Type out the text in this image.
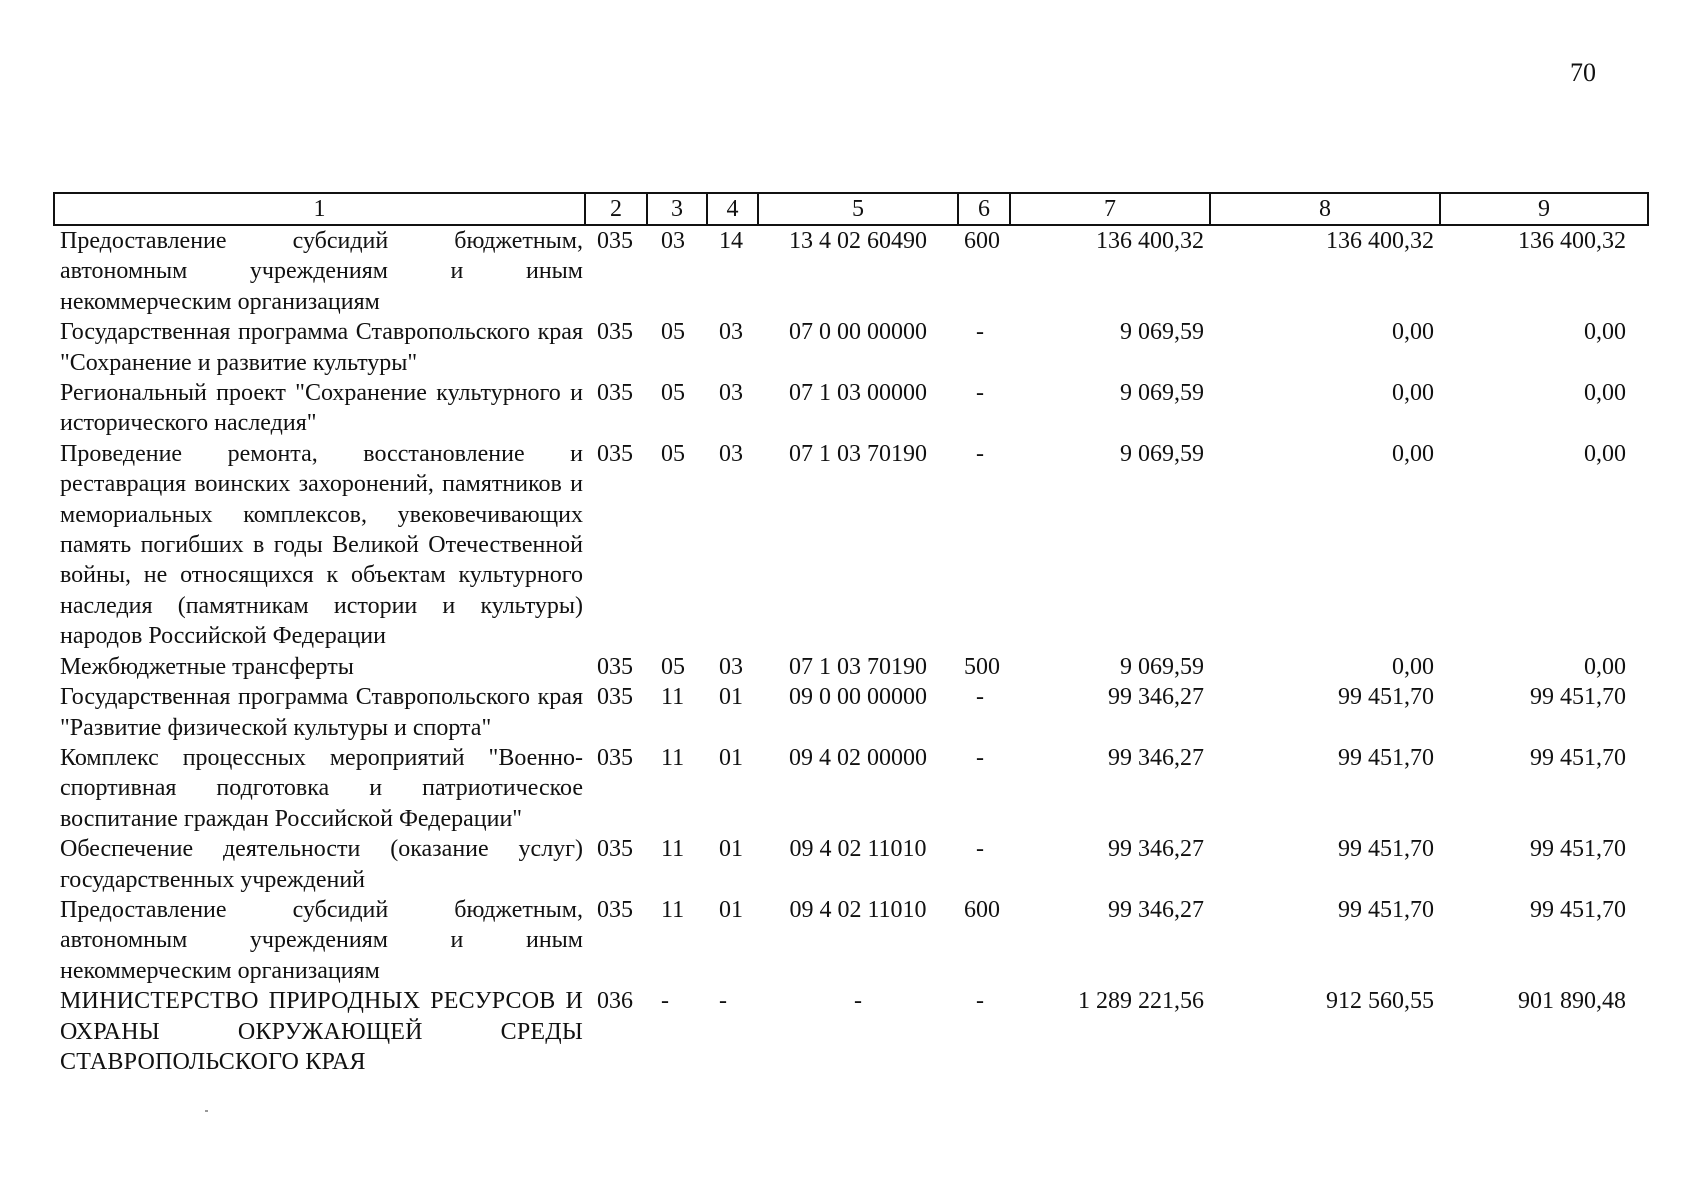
70
1	2	3	4	5	6	7	8	9
Предоставление субсидий бюджетным, автономным учреждениям и иным некоммерческим организациям	035	03	14	13 4 02 60490	600	136 400,32	136 400,32	136 400,32
Государственная программа Ставропольского края "Сохранение и развитие культуры"	035	05	03	07 0 00 00000	-	9 069,59	0,00	0,00
Региональный проект "Сохранение культурного и исторического наследия"	035	05	03	07 1 03 00000	-	9 069,59	0,00	0,00
Проведение ремонта, восстановление и реставрация воинских захоронений, памятников и мемориальных комплексов, увековечивающих память погибших в годы Великой Отечественной войны, не относящихся к объектам культурного наследия (памятникам истории и культуры) народов Российской Федерации	035	05	03	07 1 03 70190	-	9 069,59	0,00	0,00
Межбюджетные трансферты	035	05	03	07 1 03 70190	500	9 069,59	0,00	0,00
Государственная программа Ставропольского края "Развитие физической культуры и спорта"	035	11	01	09 0 00 00000	-	99 346,27	99 451,70	99 451,70
Комплекс процессных мероприятий "Военно-спортивная подготовка и патриотическое воспитание граждан Российской Федерации"	035	11	01	09 4 02 00000	-	99 346,27	99 451,70	99 451,70
Обеспечение деятельности (оказание услуг) государственных учреждений	035	11	01	09 4 02 11010	-	99 346,27	99 451,70	99 451,70
Предоставление субсидий бюджетным, автономным учреждениям и иным некоммерческим организациям	035	11	01	09 4 02 11010	600	99 346,27	99 451,70	99 451,70
МИНИСТЕРСТВО ПРИРОДНЫХ РЕСУРСОВ И ОХРАНЫ ОКРУЖАЮЩЕЙ СРЕДЫ СТАВРОПОЛЬСКОГО КРАЯ	036	-	-	-	-	1 289 221,56	912 560,55	901 890,48
